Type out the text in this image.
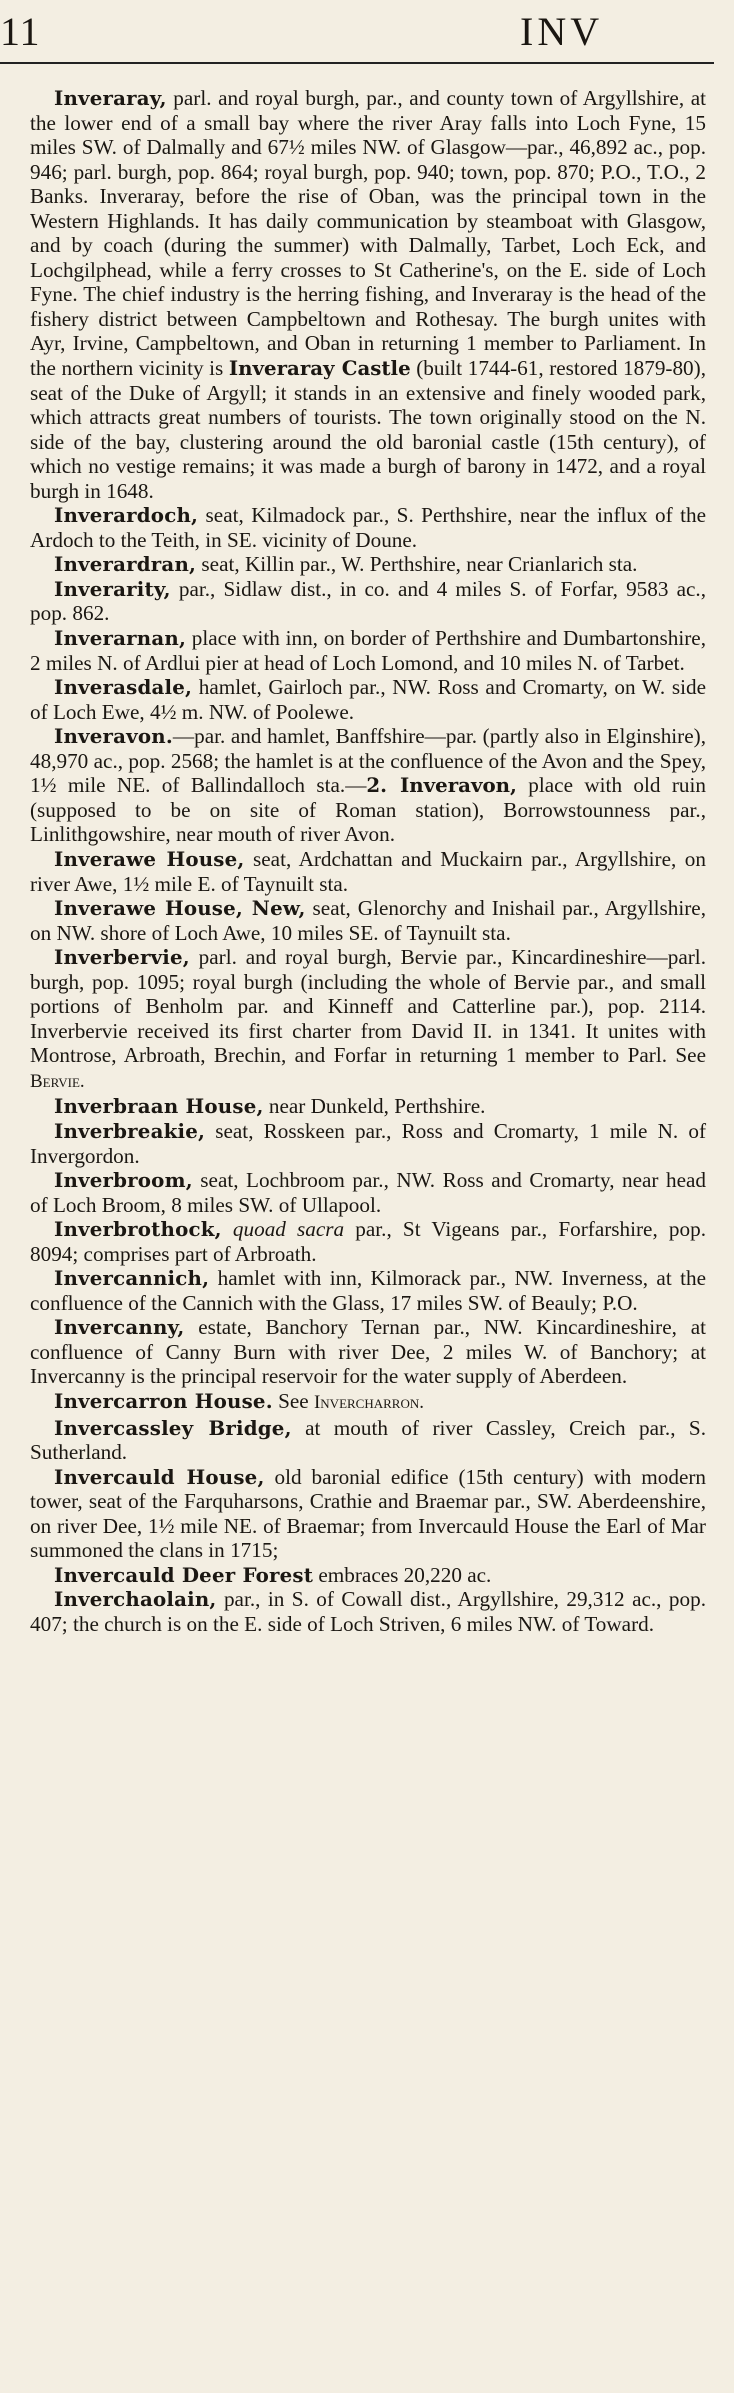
11	INV

Inveraray, parl. and royal burgh, par., and county town of Argyllshire, at the lower end of a small bay where the river Aray falls into Loch Fyne, 15 miles SW. of Dalmally and 67½ miles NW. of Glasgow—par., 46,892 ac., pop. 946; parl. burgh, pop. 864; royal burgh, pop. 940; town, pop. 870; P.O., T.O., 2 Banks. Inveraray, before the rise of Oban, was the principal town in the Western Highlands. It has daily communication by steamboat with Glasgow, and by coach (during the summer) with Dalmally, Tarbet, Loch Eck, and Lochgilphead, while a ferry crosses to St Catherine's, on the E. side of Loch Fyne. The chief industry is the herring fishing, and Inveraray is the head of the fishery district between Campbeltown and Rothesay. The burgh unites with Ayr, Irvine, Campbeltown, and Oban in returning 1 member to Parliament. In the northern vicinity is Inveraray Castle (built 1744-61, restored 1879-80), seat of the Duke of Argyll; it stands in an extensive and finely wooded park, which attracts great numbers of tourists. The town originally stood on the N. side of the bay, clustering around the old baronial castle (15th century), of which no vestige remains; it was made a burgh of barony in 1472, and a royal burgh in 1648.

Inverardoch, seat, Kilmadock par., S. Perthshire, near the influx of the Ardoch to the Teith, in SE. vicinity of Doune.

Inverardran, seat, Killin par., W. Perthshire, near Crianlarich sta.

Inverarity, par., Sidlaw dist., in co. and 4 miles S. of Forfar, 9583 ac., pop. 862.

Inverarnan, place with inn, on border of Perthshire and Dumbartonshire, 2 miles N. of Ardlui pier at head of Loch Lomond, and 10 miles N. of Tarbet.

Inverasdale, hamlet, Gairloch par., NW. Ross and Cromarty, on W. side of Loch Ewe, 4½ m. NW. of Poolewe.

Inveravon.—par. and hamlet, Banffshire—par. (partly also in Elginshire), 48,970 ac., pop. 2568; the hamlet is at the confluence of the Avon and the Spey, 1½ mile NE. of Ballindalloch sta.—2. Inveravon, place with old ruin (supposed to be on site of Roman station), Borrowstounness par., Linlithgowshire, near mouth of river Avon.

Inverawe House, seat, Ardchattan and Muckairn par., Argyllshire, on river Awe, 1½ mile E. of Taynuilt sta.

Inverawe House, New, seat, Glenorchy and Inishail par., Argyllshire, on NW. shore of Loch Awe, 10 miles SE. of Taynuilt sta.

Inverbervie, parl. and royal burgh, Bervie par., Kincardineshire—parl. burgh, pop. 1095; royal burgh (including the whole of Bervie par., and small portions of Benholm par. and Kinneff and Catterline par.), pop. 2114. Inverbervie received its first charter from David II. in 1341. It unites with Montrose, Arbroath, Brechin, and Forfar in returning 1 member to Parl. See Bervie.

Inverbraan House, near Dunkeld, Perthshire.

Inverbreakie, seat, Rosskeen par., Ross and Cromarty, 1 mile N. of Invergordon.

Inverbroom, seat, Lochbroom par., NW. Ross and Cromarty, near head of Loch Broom, 8 miles SW. of Ullapool.

Inverbrothock, quoad sacra par., St Vigeans par., Forfarshire, pop. 8094; comprises part of Arbroath.

Invercannich, hamlet with inn, Kilmorack par., NW. Inverness, at the confluence of the Cannich with the Glass, 17 miles SW. of Beauly; P.O.

Invercanny, estate, Banchory Ternan par., NW. Kincardineshire, at confluence of Canny Burn with river Dee, 2 miles W. of Banchory; at Invercanny is the principal reservoir for the water supply of Aberdeen.

Invercarron House. See Invercharron.

Invercassley Bridge, at mouth of river Cassley, Creich par., S. Sutherland.

Invercauld House, old baronial edifice (15th century) with modern tower, seat of the Farquharsons, Crathie and Braemar par., SW. Aberdeenshire, on river Dee, 1½ mile NE. of Braemar; from Invercauld House the Earl of Mar summoned the clans in 1715;

Invercauld Deer Forest embraces 20,220 ac.

Inverchaolain, par., in S. of Cowall dist., Argyllshire, 29,312 ac., pop. 407; the church is on the E. side of Loch Striven, 6 miles NW. of Toward.
